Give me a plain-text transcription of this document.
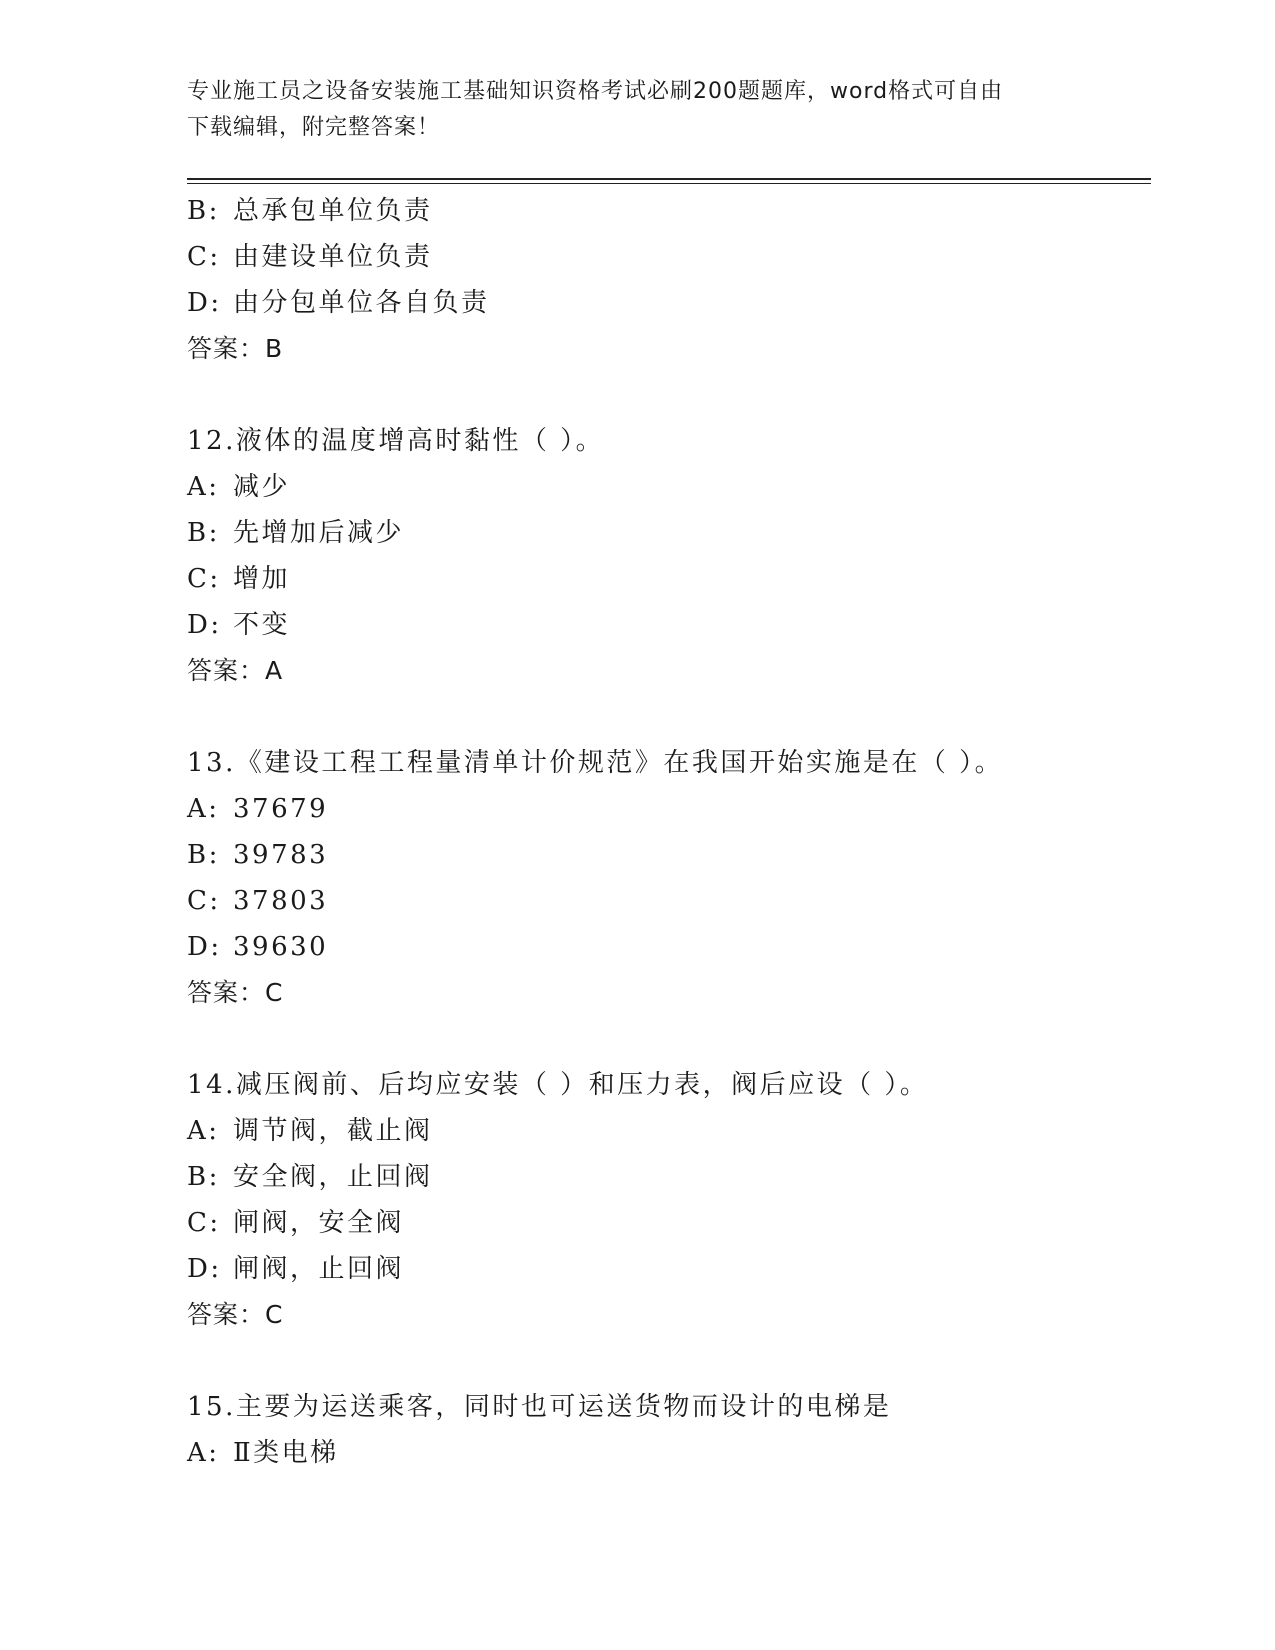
专业施工员之设备安装施工基础知识资格考试必刷200题题库，word格式可自由
下载编辑，附完整答案！
B: 总承包单位负责
C: 由建设单位负责
D: 由分包单位各自负责
答案：B
12.液体的温度增高时黏性（ ）。
A: 减少
B: 先增加后减少
C: 增加
D: 不变
答案：A
13.《建设工程工程量清单计价规范》在我国开始实施是在（ ）。
A: 37679
B: 39783
C: 37803
D: 39630
答案：C
14.减压阀前、后均应安装（ ）和压力表，阀后应设（ ）。
A: 调节阀，截止阀
B: 安全阀，止回阀
C: 闸阀，安全阀
D: 闸阀，止回阀
答案：C
15.主要为运送乘客，同时也可运送货物而设计的电梯是
A: Ⅱ类电梯
